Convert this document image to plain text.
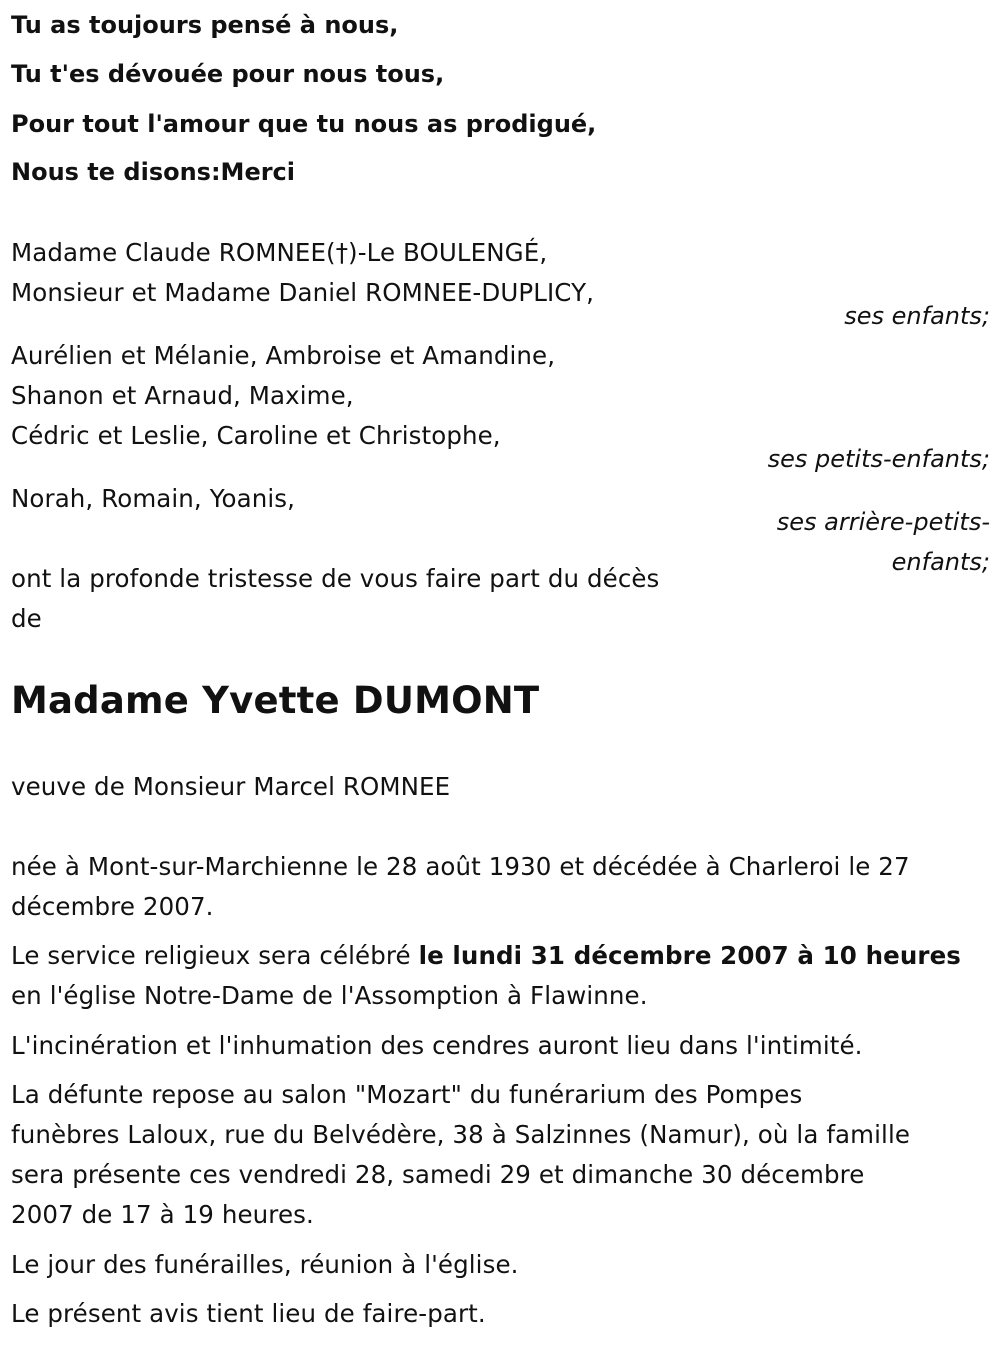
Tu as toujours pensé à nous,
Tu t'es dévouée pour nous tous,
Pour tout l'amour que tu nous as prodigué,
Nous te disons:Merci
Madame Claude ROMNEE(†)-Le BOULENGÉ,
Monsieur et Madame Daniel ROMNEE-DUPLICY,
ses enfants;
Aurélien et Mélanie, Ambroise et Amandine,
Shanon et Arnaud, Maxime,
Cédric et Leslie, Caroline et Christophe,
ses petits-enfants;
Norah, Romain, Yoanis,
ses arrière-petits-
enfants;
ont la profonde tristesse de vous faire part du décès
de
Madame Yvette DUMONT
veuve de Monsieur Marcel ROMNEE
née à Mont-sur-Marchienne le 28 août 1930 et décédée à Charleroi le 27
décembre 2007.
Le service religieux sera célébré le lundi 31 décembre 2007 à 10 heures
en l'église Notre-Dame de l'Assomption à Flawinne.
L'incinération et l'inhumation des cendres auront lieu dans l'intimité.
La défunte repose au salon "Mozart" du funérarium des Pompes
funèbres Laloux, rue du Belvédère, 38 à Salzinnes (Namur), où la famille
sera présente ces vendredi 28, samedi 29 et dimanche 30 décembre
2007 de 17 à 19 heures.
Le jour des funérailles, réunion à l'église.
Le présent avis tient lieu de faire-part.
